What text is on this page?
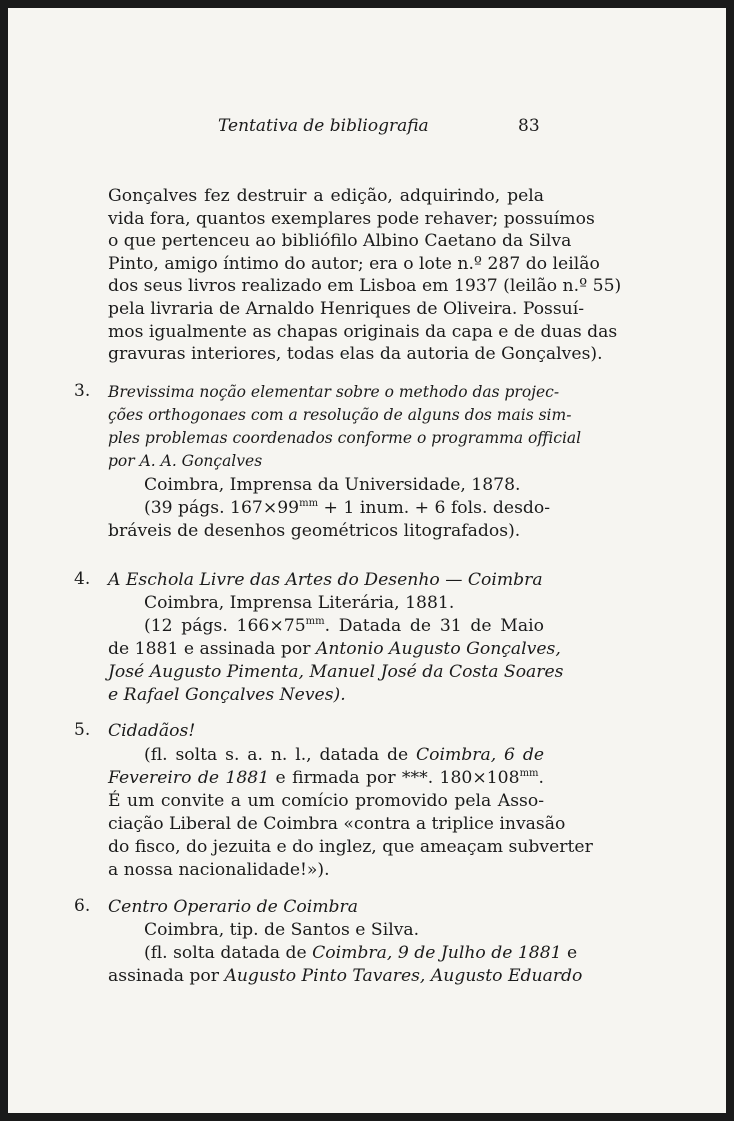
Tentativa de bibliografia	83

Gonçalves fez destruir a edição, adquirindo, pela
vida fora, quantos exemplares pode rehaver; possuímos
o que pertenceu ao bibliófilo Albino Caetano da Silva
Pinto, amigo íntimo do autor; era o lote n.º 287 do leilão
dos seus livros realizado em Lisboa em 1937 (leilão n.º 55)
pela livraria de Arnaldo Henriques de Oliveira. Possuí-
mos igualmente as chapas originais da capa e de duas das
gravuras interiores, todas elas da autoria de Gonçalves).

3. Brevissima noção elementar sobre o methodo das projec-
ções orthogonaes com a resolução de alguns dos mais sim-
ples problemas coordenados conforme o programma official
por A. A. Gonçalves
Coimbra, Imprensa da Universidade, 1878.
(39 págs. $167\times 99^{mm} + 1$ inum. + 6 fols. desdo-
bráveis de desenhos geométricos litografados).
4. A Eschola Livre das Artes do Desenho — Coimbra
Coimbra, Imprensa Literária, 1881.
(12 págs. $166\times 75^{mm}$. Datada de 31 de Maio
de 1881 e assinada por Antonio Augusto Gonçalves,
José Augusto Pimenta, Manuel José da Costa Soares
e Rafael Gonçalves Neves).
5. Cidadãos!
(fl. solta s. a. n. l., datada de Coimbra, 6 de
Fevereiro de 1881 e firmada por ***. $180\times 108^{mm}$.
É um convite a um comício promovido pela Asso-
ciação Liberal de Coimbra «contra a triplice invasão
do fisco, do jezuita e do inglez, que ameaçam subverter
a nossa nacionalidade!»).
6. Centro Operario de Coimbra
Coimbra, tip. de Santos e Silva.
(fl. solta datada de Coimbra, 9 de Julho de 1881 e
assinada por Augusto Pinto Tavares, Augusto Eduardo
